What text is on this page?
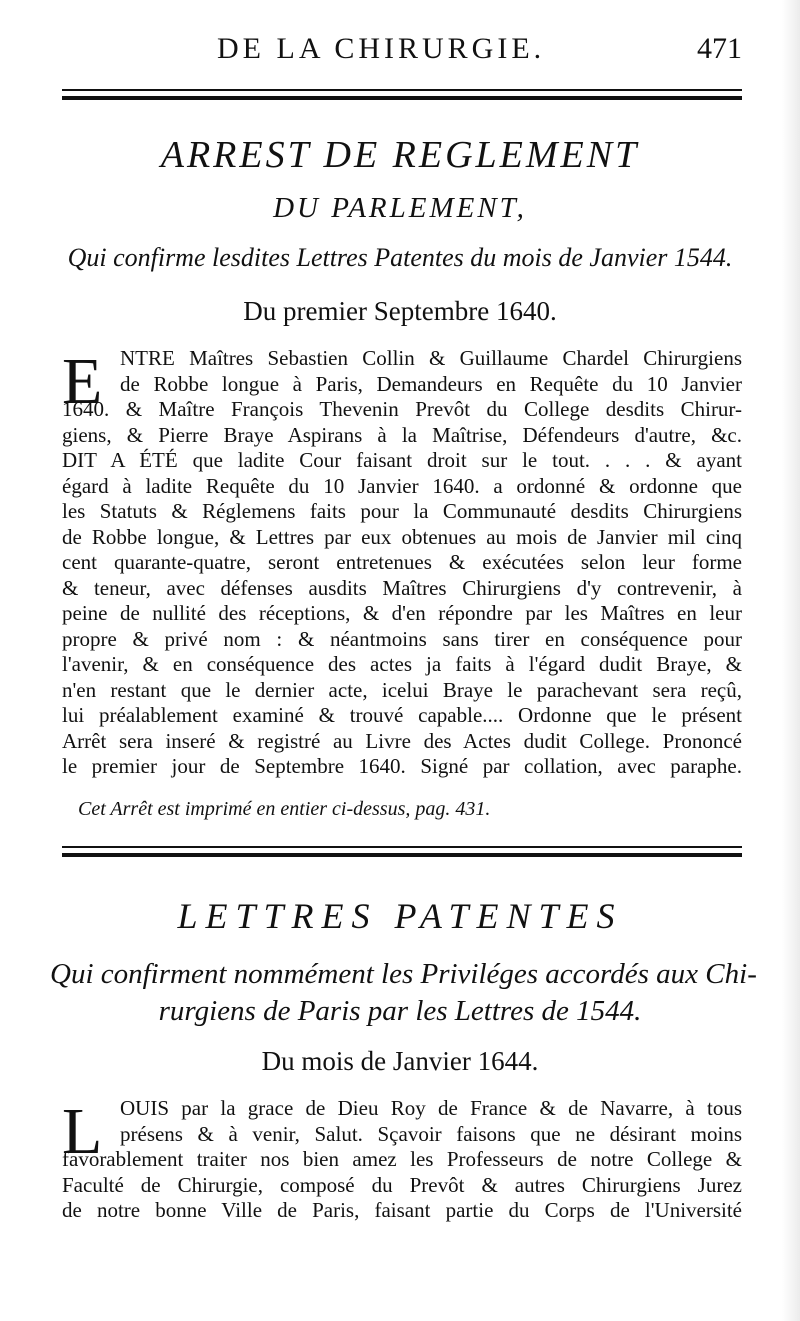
DE LA CHIRURGIE.	471
ARREST DE REGLEMENT
DU PARLEMENT,
Qui confirme lesdites Lettres Patentes du mois de Janvier 1544.
Du premier Septembre 1640.
E NTRE Maîtres Sebastien Collin & Guillaume Chardel Chirurgiens
de Robbe longue à Paris, Demandeurs en Requête du 10 Janvier
1640. & Maître François Thevenin Prevôt du College desdits Chirur-
giens, & Pierre Braye Aspirans à la Maîtrise, Défendeurs d'autre, &c.
DIT A ÉTÉ que ladite Cour faisant droit sur le tout. . . . & ayant
égard à ladite Requête du 10 Janvier 1640. a ordonné & ordonne que
les Statuts & Réglemens faits pour la Communauté desdits Chirurgiens
de Robbe longue, & Lettres par eux obtenues au mois de Janvier mil cinq
cent quarante-quatre, seront entretenues & exécutées selon leur forme
& teneur, avec défenses ausdits Maîtres Chirurgiens d'y contrevenir, à
peine de nullité des réceptions, & d'en répondre par les Maîtres en leur
propre & privé nom : & néantmoins sans tirer en conséquence pour
l'avenir, & en conséquence des actes ja faits à l'égard dudit Braye, &
n'en restant que le dernier acte, icelui Braye le parachevant sera reçû,
lui préalablement examiné & trouvé capable.... Ordonne que le présent
Arrêt sera inseré & registré au Livre des Actes dudit College. Prononcé
le premier jour de Septembre 1640. Signé par collation, avec paraphe.
Cet Arrêt est imprimé en entier ci-dessus, pag. 431.
LETTRES PATENTES
Qui confirment nommément les Priviléges accordés aux Chi-
rurgiens de Paris par les Lettres de 1544.
Du mois de Janvier 1644.
L OUIS par la grace de Dieu Roy de France & de Navarre, à tous
présens & à venir, Salut. Sçavoir faisons que ne désirant moins
favorablement traiter nos bien amez les Professeurs de notre College &
Faculté de Chirurgie, composé du Prevôt & autres Chirurgiens Jurez
de notre bonne Ville de Paris, faisant partie du Corps de l'Université
